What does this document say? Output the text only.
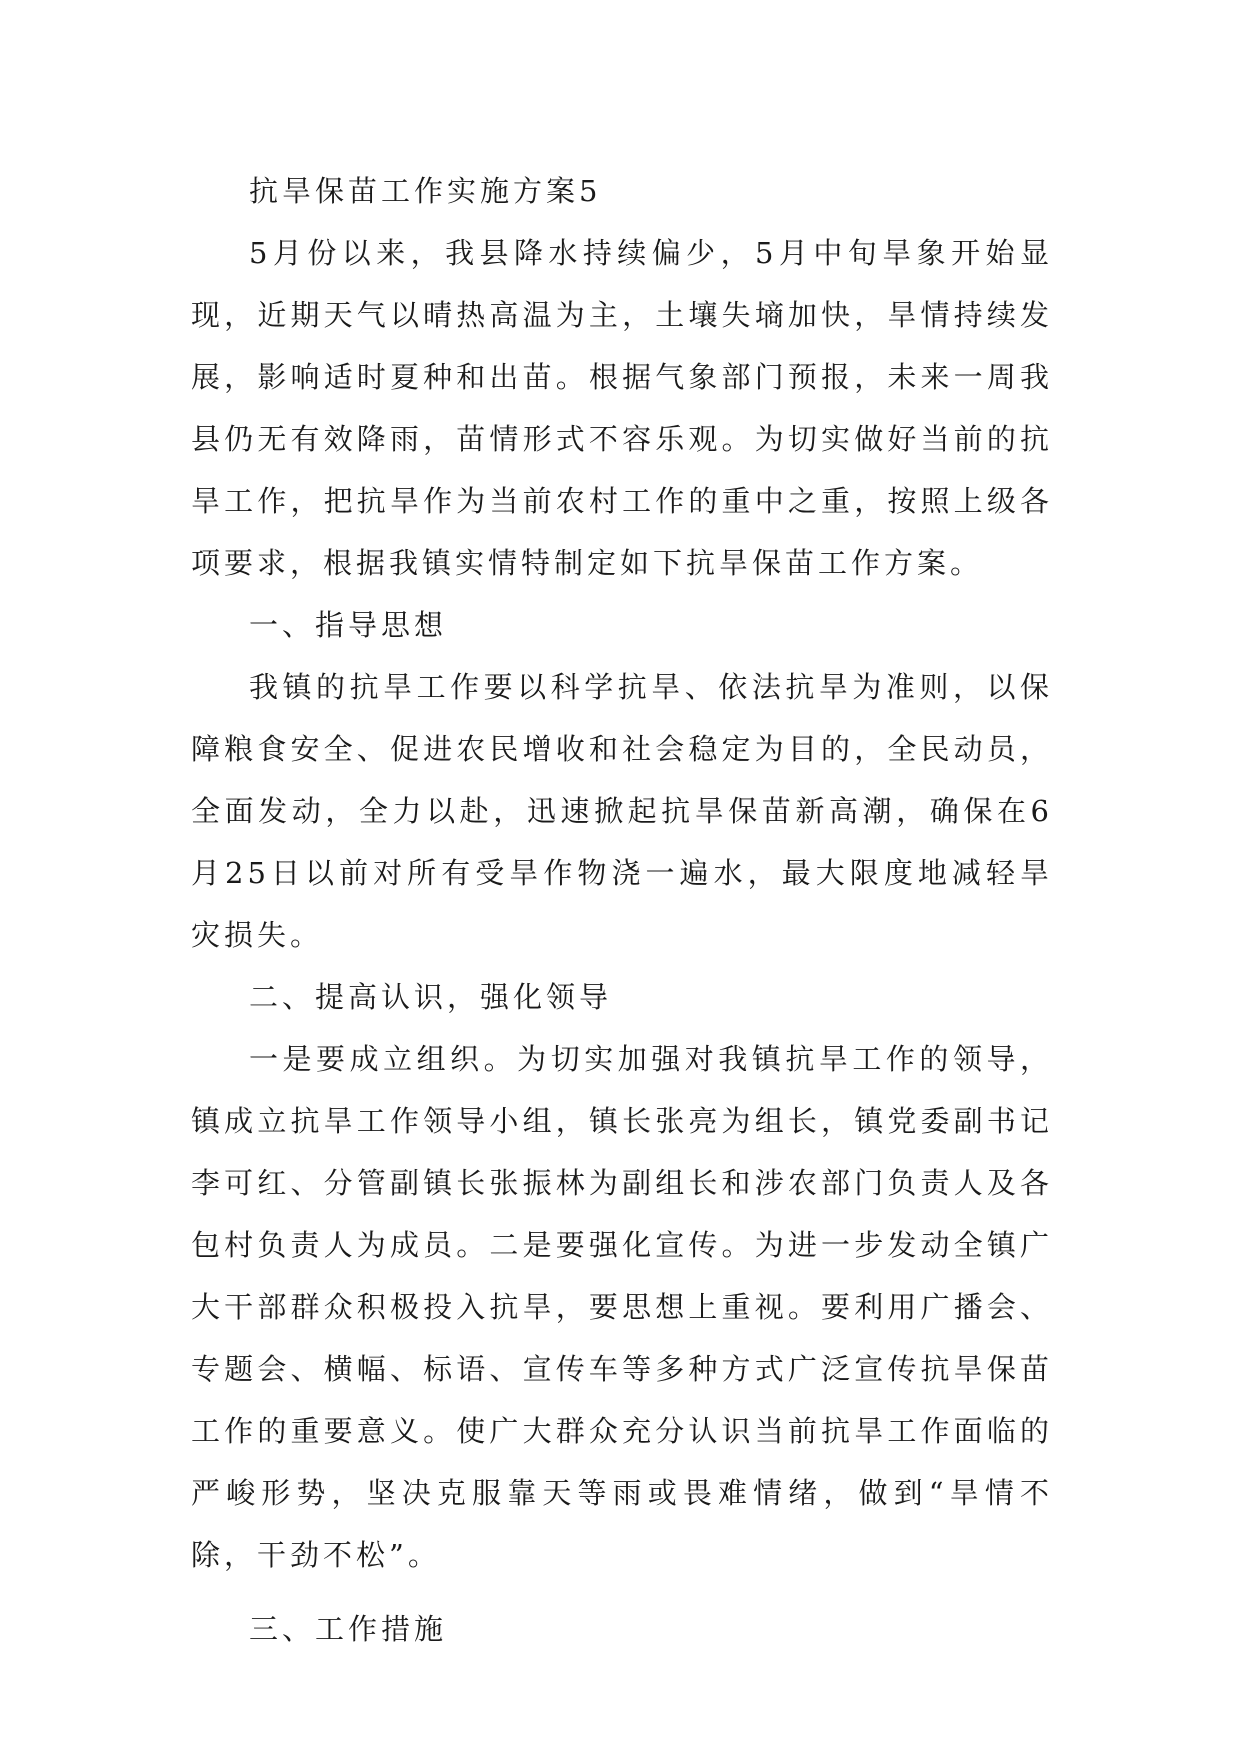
抗旱保苗工作实施方案5

5月份以来，我县降水持续偏少，5月中旬旱象开始显现，近期天气以晴热高温为主，土壤失墒加快，旱情持续发展，影响适时夏种和出苗。根据气象部门预报，未来一周我县仍无有效降雨，苗情形式不容乐观。为切实做好当前的抗旱工作，把抗旱作为当前农村工作的重中之重，按照上级各项要求，根据我镇实情特制定如下抗旱保苗工作方案。

一、指导思想

我镇的抗旱工作要以科学抗旱、依法抗旱为准则，以保障粮食安全、促进农民增收和社会稳定为目的，全民动员，全面发动，全力以赴，迅速掀起抗旱保苗新高潮，确保在6月25日以前对所有受旱作物浇一遍水，最大限度地减轻旱灾损失。

二、提高认识，强化领导

一是要成立组织。为切实加强对我镇抗旱工作的领导，镇成立抗旱工作领导小组，镇长张亮为组长，镇党委副书记李可红、分管副镇长张振林为副组长和涉农部门负责人及各包村负责人为成员。二是要强化宣传。为进一步发动全镇广大干部群众积极投入抗旱，要思想上重视。要利用广播会、专题会、横幅、标语、宣传车等多种方式广泛宣传抗旱保苗工作的重要意义。使广大群众充分认识当前抗旱工作面临的严峻形势，坚决克服靠天等雨或畏难情绪，做到“旱情不除，干劲不松”。

三、工作措施
